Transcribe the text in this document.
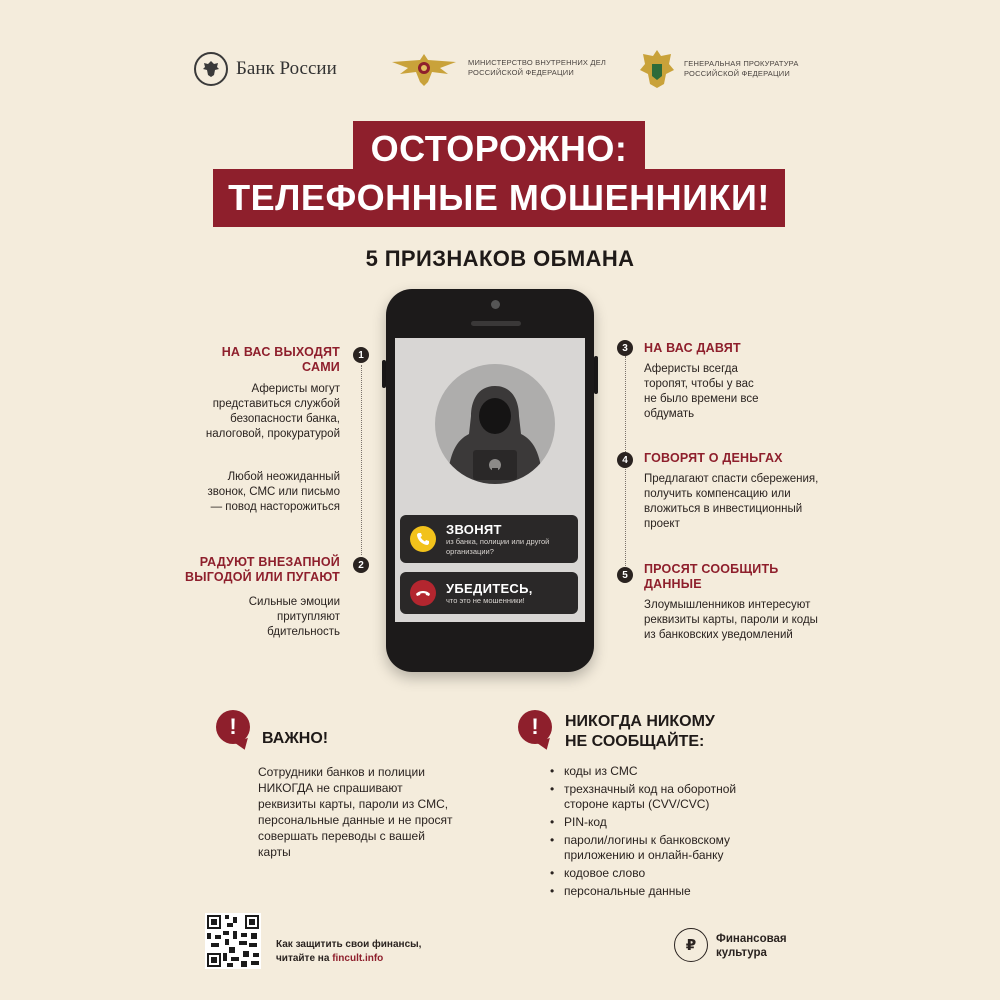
Банк России	МИНИСТЕРСТВО ВНУТРЕННИХ ДЕЛ РОССИЙСКОЙ ФЕДЕРАЦИИ
ГЕНЕРАЛЬНАЯ ПРОКУРАТУРА РОССИЙСКОЙ ФЕДЕРАЦИИ
ОСТОРОЖНО:
ТЕЛЕФОННЫЕ МОШЕННИКИ!
5 ПРИЗНАКОВ ОБМАНА
ЗВОНЯТ
из банка, полиции или другой организации?
УБЕДИТЕСЬ,
что это не мошенники!
1
НА ВАС ВЫХОДЯТ САМИ
Аферисты могут представиться службой безопасности банка, налоговой, прокуратурой
Любой неожиданный звонок, СМС или письмо — повод насторожиться
2
РАДУЮТ ВНЕЗАПНОЙ ВЫГОДОЙ ИЛИ ПУГАЮТ
Сильные эмоции притупляют бдительность
3	НА ВАС ДАВЯТ
Аферисты всегда торопят, чтобы у вас не было времени все обдумать
4	ГОВОРЯТ О ДЕНЬГАХ
Предлагают спасти сбережения, получить компенсацию или вложиться в инвестиционный проект
5	ПРОСЯТ СООБЩИТЬ ДАННЫЕ
Злоумышленников интересуют реквизиты карты, пароли и коды из банковских уведомлений
!	ВАЖНО!
Сотрудники банков и полиции НИКОГДА не спрашивают реквизиты карты, пароли из СМС, персональные данные и не просят совершать переводы с вашей карты
!	НИКОГДА НИКОМУ
НЕ СООБЩАЙТЕ:
• коды из СМС
• трехзначный код на оборотной стороне карты (CVV/CVC)
• PIN-код
• пароли/логины к банковскому приложению и онлайн-банку
• кодовое слово
• персональные данные
Как защитить свои финансы,
читайте на fincult.info
₽	Финансовая
культура
